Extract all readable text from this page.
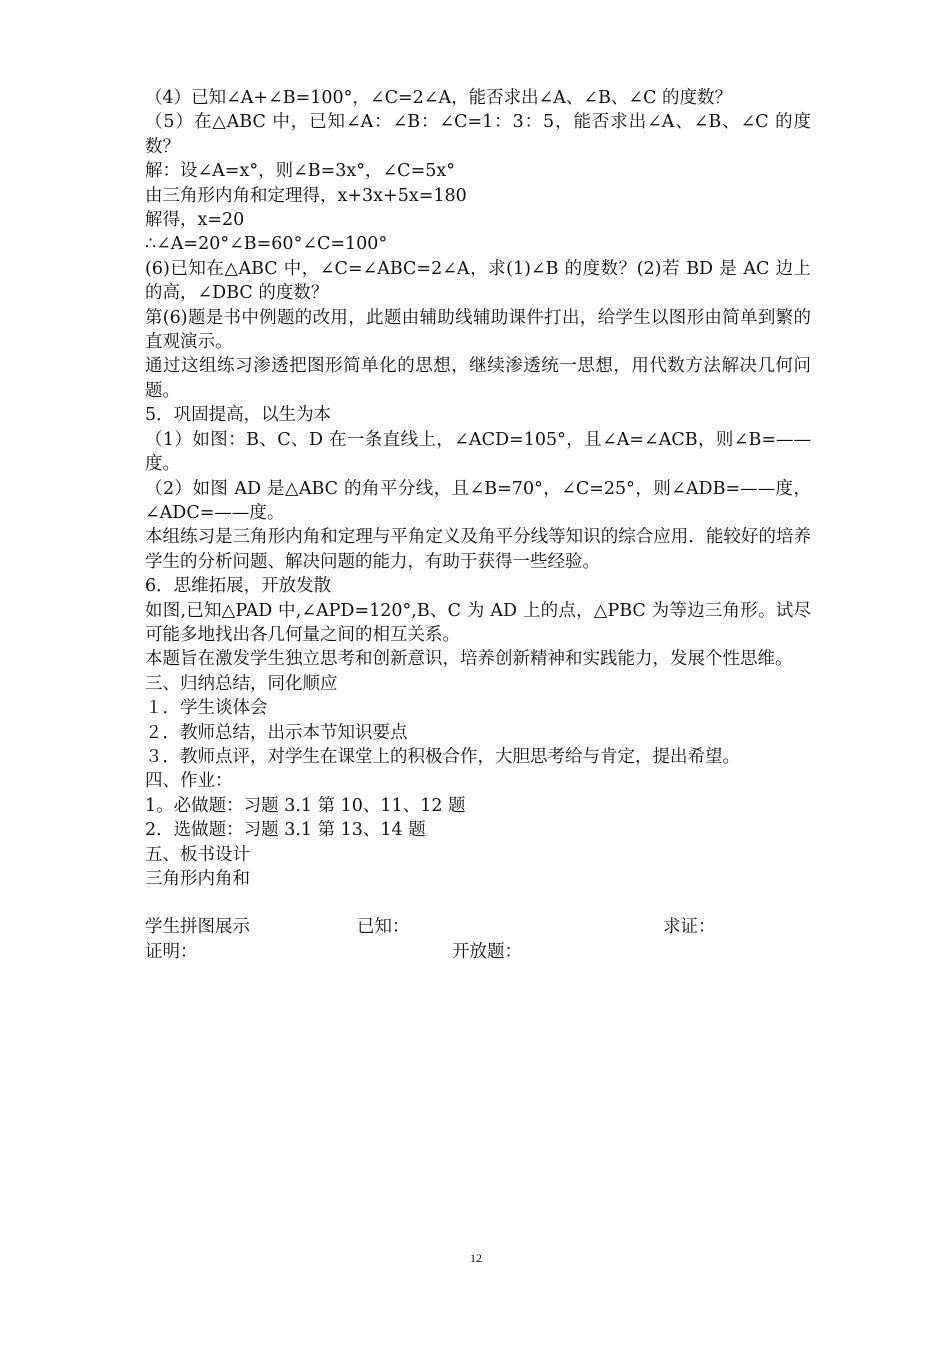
（4）已知∠A+∠B=100°，∠C=2∠A，能否求出∠A、∠B、∠C 的度数？

（5）在△ABC 中，已知∠A：∠B：∠C=1：3：5，能否求出∠A、∠B、∠C 的度数？

解：设∠A=x°，则∠B=3x°，∠C=5x°

由三角形内角和定理得，x+3x+5x=180

解得，x=20

∴∠A=20°∠B=60°∠C=100°

(6)已知在△ABC 中，∠C=∠ABC=2∠A，求(1)∠B 的度数？(2)若 BD 是 AC 边上的高，∠DBC 的度数？

第(6)题是书中例题的改用，此题由辅助线辅助课件打出，给学生以图形由简单到繁的直观演示。

通过这组练习渗透把图形简单化的思想，继续渗透统一思想，用代数方法解决几何问题。

5．巩固提高，以生为本

（1）如图：B、C、D 在一条直线上，∠ACD=105°，且∠A=∠ACB，则∠B=——度。

（2）如图 AD 是△ABC 的角平分线，且∠B=70°，∠C=25°，则∠ADB=——度，∠ADC=——度。

本组练习是三角形内角和定理与平角定义及角平分线等知识的综合应用．能较好的培养学生的分析问题、解决问题的能力，有助于获得一些经验。

6．思维拓展，开放发散

如图,已知△PAD 中,∠APD=120°,B、C 为 AD 上的点，△PBC 为等边三角形。试尽可能多地找出各几何量之间的相互关系。

本题旨在激发学生独立思考和创新意识，培养创新精神和实践能力，发展个性思维。

三、归纳总结，同化顺应

１．学生谈体会

２．教师总结，出示本节知识要点

３．教师点评，对学生在课堂上的积极合作，大胆思考给与肯定，提出希望。

四、作业：

1。必做题：习题 3.1 第 10、11、12 题

2．选做题：习题 3.1 第 13、14 题

五、板书设计

三角形内角和

学生拼图展示	已知：	求证：
证明：	开放题：
12
